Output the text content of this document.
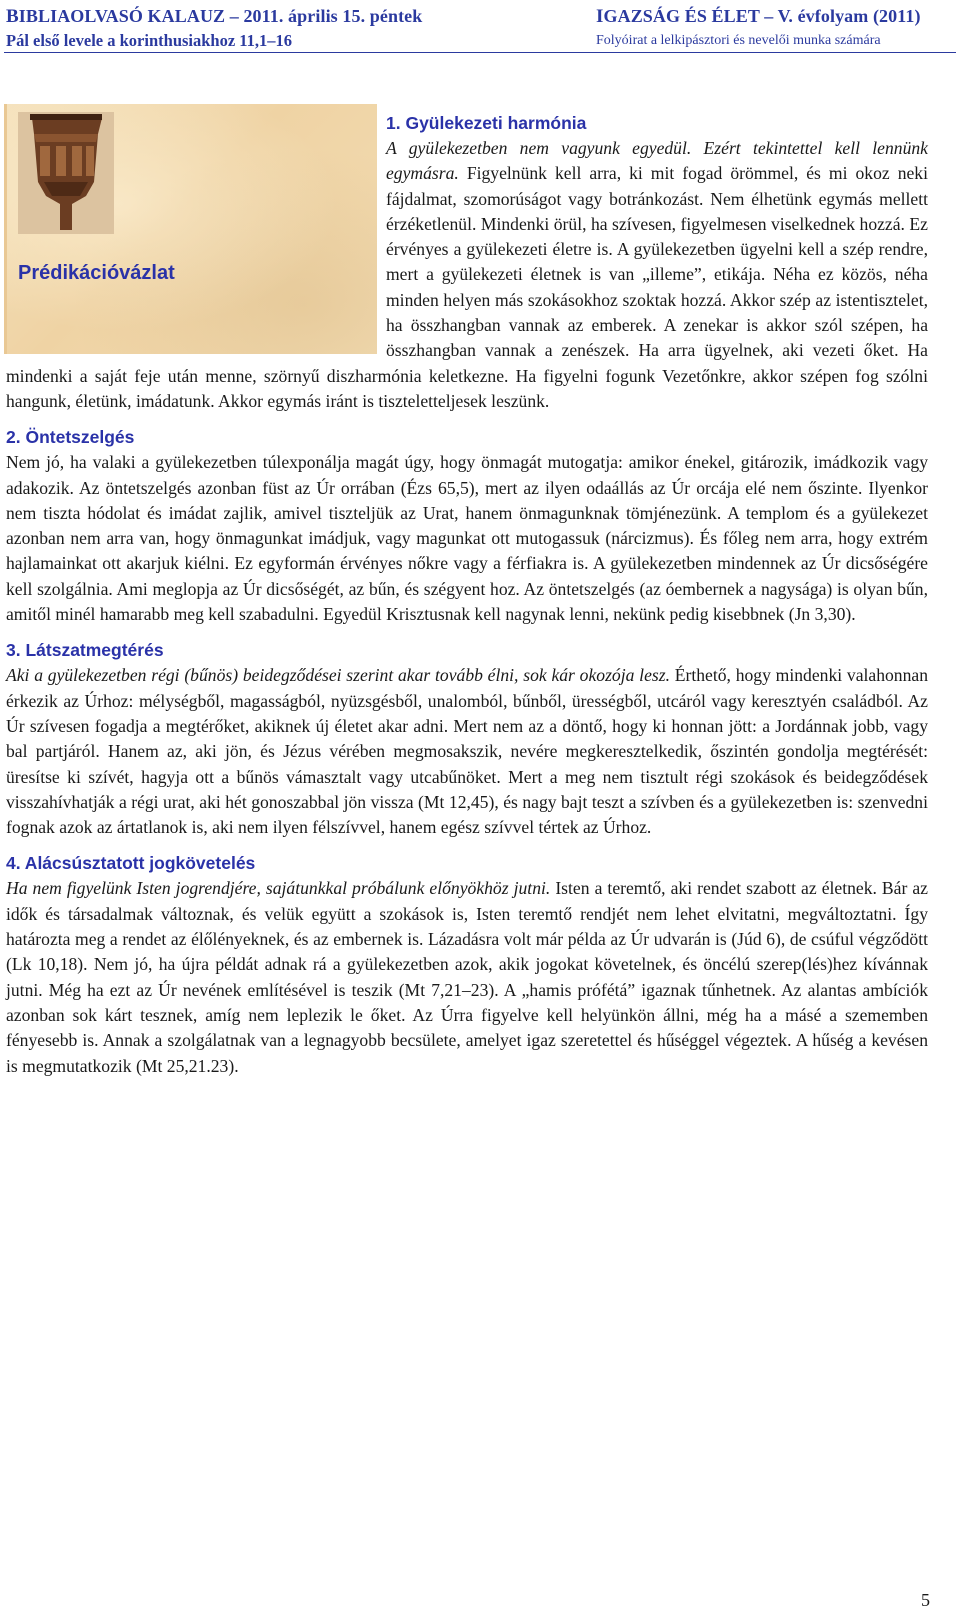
BIBLIAOLVASÓ KALAUZ – 2011. április 15. péntek
Pál első levele a korinthusiakhoz 11,1–16
IGAZSÁG ÉS ÉLET – V. évfolyam (2011)
Folyóirat a lelkipásztori és nevelői munka számára
Prédikációvázlat
1. Gyülekezeti harmónia

A gyülekezetben nem vagyunk egyedül. Ezért tekintettel kell lennünk egymásra. Figyelnünk kell arra, ki mit fogad örömmel, és mi okoz neki fájdalmat, szomorúságot vagy botránkozást. Nem élhetünk egymás mellett érzéketlenül. Mindenki örül, ha szívesen, figyelmesen viselkednek hozzá. Ez érvényes a gyülekezeti életre is. A gyülekezetben ügyelni kell a szép rendre, mert a gyülekezeti életnek is van „illeme”, etikája. Néha ez közös, néha minden helyen más szokásokhoz szoktak hozzá. Akkor szép az istentisztelet, ha összhangban vannak az emberek. A zenekar is akkor szól szépen, ha összhangban vannak a zenészek. Ha arra ügyelnek, aki vezeti őket. Ha mindenki a saját feje után menne, szörnyű diszharmónia keletkezne. Ha figyelni fogunk Vezetőnkre, akkor szépen fog szólni hangunk, életünk, imádatunk. Akkor egymás iránt is tiszteletteljesek leszünk.

2. Öntetszelgés

Nem jó, ha valaki a gyülekezetben túlexponálja magát úgy, hogy önmagát mutogatja: amikor énekel, gitározik, imádkozik vagy adakozik. Az öntetszelgés azonban füst az Úr orrában (Ézs 65,5), mert az ilyen odaállás az Úr orcája elé nem őszinte. Ilyenkor nem tiszta hódolat és imádat zajlik, amivel tiszteljük az Urat, hanem önmagunknak tömjénezünk. A templom és a gyülekezet azonban nem arra van, hogy önmagunkat imádjuk, vagy magunkat ott mutogassuk (nárcizmus). És főleg nem arra, hogy extrém hajlamainkat ott akarjuk kiélni. Ez egyformán érvényes nőkre vagy a férfiakra is. A gyülekezetben mindennek az Úr dicsőségére kell szolgálnia. Ami meglopja az Úr dicsőségét, az bűn, és szégyent hoz. Az öntetszelgés (az óembernek a nagysága) is olyan bűn, amitől minél hamarabb meg kell szabadulni. Egyedül Krisztusnak kell nagynak lenni, nekünk pedig kisebbnek (Jn 3,30).

3. Látszatmegtérés

Aki a gyülekezetben régi (bűnös) beidegződései szerint akar tovább élni, sok kár okozója lesz. Érthető, hogy mindenki valahonnan érkezik az Úrhoz: mélységből, magasságból, nyüzsgésből, unalomból, bűnből, ürességből, utcáról vagy keresztyén családból. Az Úr szívesen fogadja a megtérőket, akiknek új életet akar adni. Mert nem az a döntő, hogy ki honnan jött: a Jordánnak jobb, vagy bal partjáról. Hanem az, aki jön, és Jézus vérében megmosakszik, nevére megkeresztelkedik, őszintén gondolja megtérését: üresítse ki szívét, hagyja ott a bűnös vámasztalt vagy utcabűnöket. Mert a meg nem tisztult régi szokások és beidegződések visszahívhatják a régi urat, aki hét gonoszabbal jön vissza (Mt 12,45), és nagy bajt teszt a szívben és a gyülekezetben is: szenvedni fognak azok az ártatlanok is, aki nem ilyen félszívvel, hanem egész szívvel tértek az Úrhoz.

4. Alácsúsztatott jogkövetelés

Ha nem figyelünk Isten jogrendjére, sajátunkkal próbálunk előnyökhöz jutni. Isten a teremtő, aki rendet szabott az életnek. Bár az idők és társadalmak változnak, és velük együtt a szokások is, Isten teremtő rendjét nem lehet elvitatni, megváltoztatni. Így határozta meg a rendet az élőlényeknek, és az embernek is. Lázadásra volt már példa az Úr udvarán is (Júd 6), de csúful végződött (Lk 10,18). Nem jó, ha újra példát adnak rá a gyülekezetben azok, akik jogokat követelnek, és öncélú szerep(lés)hez kívánnak jutni. Még ha ezt az Úr nevének említésével is teszik (Mt 7,21–23). A „hamis prófétá” igaznak tűnhetnek. Az alantas ambíciók azonban sok kárt tesznek, amíg nem leplezik le őket. Az Úrra figyelve kell helyünkön állni, még ha a másé a szememben fényesebb is. Annak a szolgálatnak van a legnagyobb becsülete, amelyet igaz szeretettel és hűséggel végeztek. A hűség a kevésen is megmutatkozik (Mt 25,21.23).

5
